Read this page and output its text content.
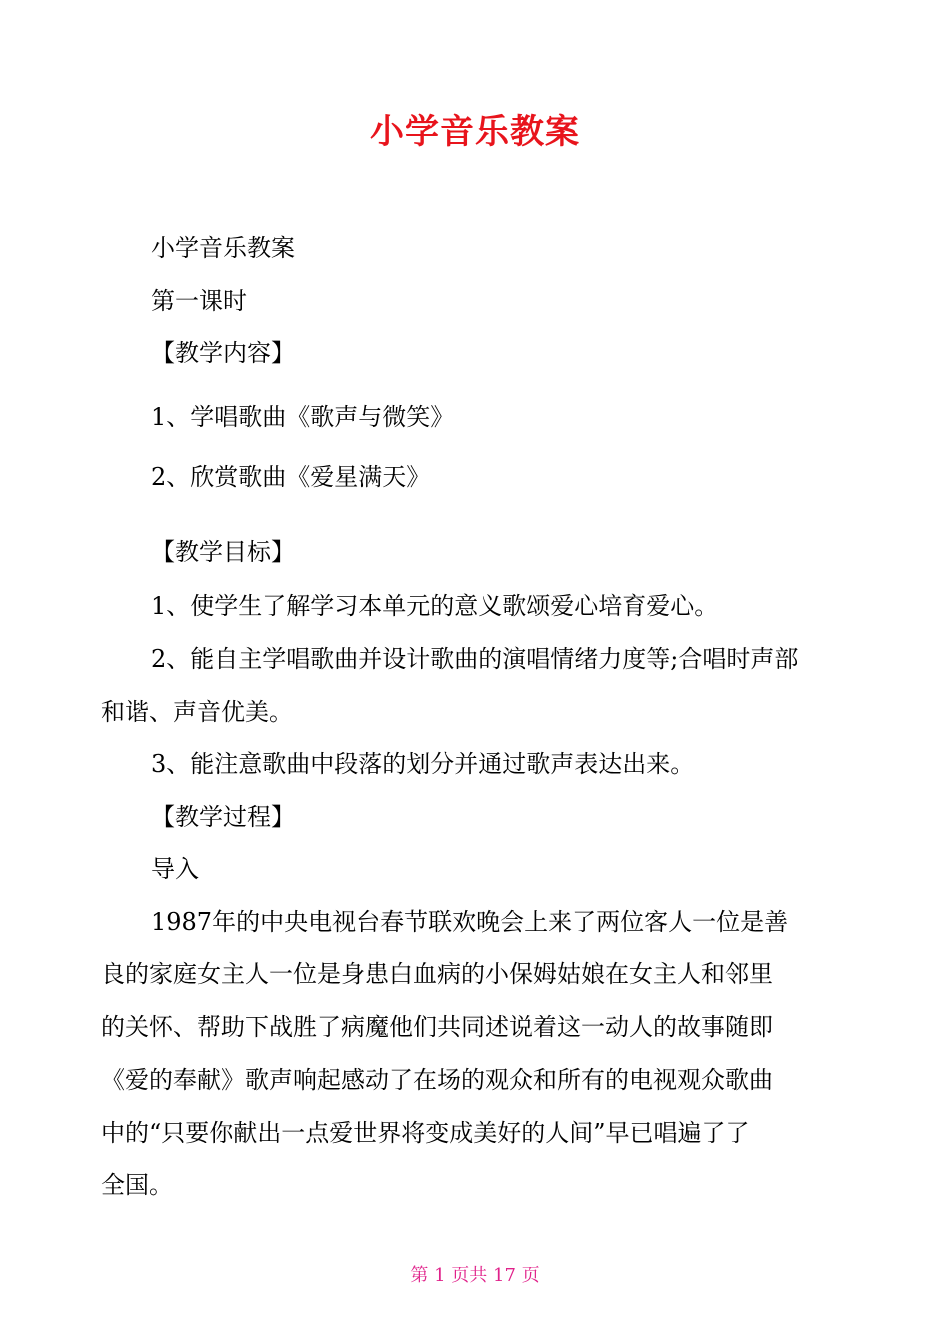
小学音乐教案

小学音乐教案

第一课时

【教学内容】

1、学唱歌曲《歌声与微笑》

2、欣赏歌曲《爱星满天》

【教学目标】

1、使学生了解学习本单元的意义歌颂爱心培育爱心。

2、能自主学唱歌曲并设计歌曲的演唱情绪力度等;合唱时声部

和谐、声音优美。

3、能注意歌曲中段落的划分并通过歌声表达出来。

【教学过程】

导入

1987年的中央电视台春节联欢晚会上来了两位客人一位是善

良的家庭女主人一位是身患白血病的小保姆姑娘在女主人和邻里

的关怀、帮助下战胜了病魔他们共同述说着这一动人的故事随即

《爱的奉献》歌声响起感动了在场的观众和所有的电视观众歌曲

中的“只要你献出一点爱世界将变成美好的人间”早已唱遍了了

全国。

第 1 页共 17 页
